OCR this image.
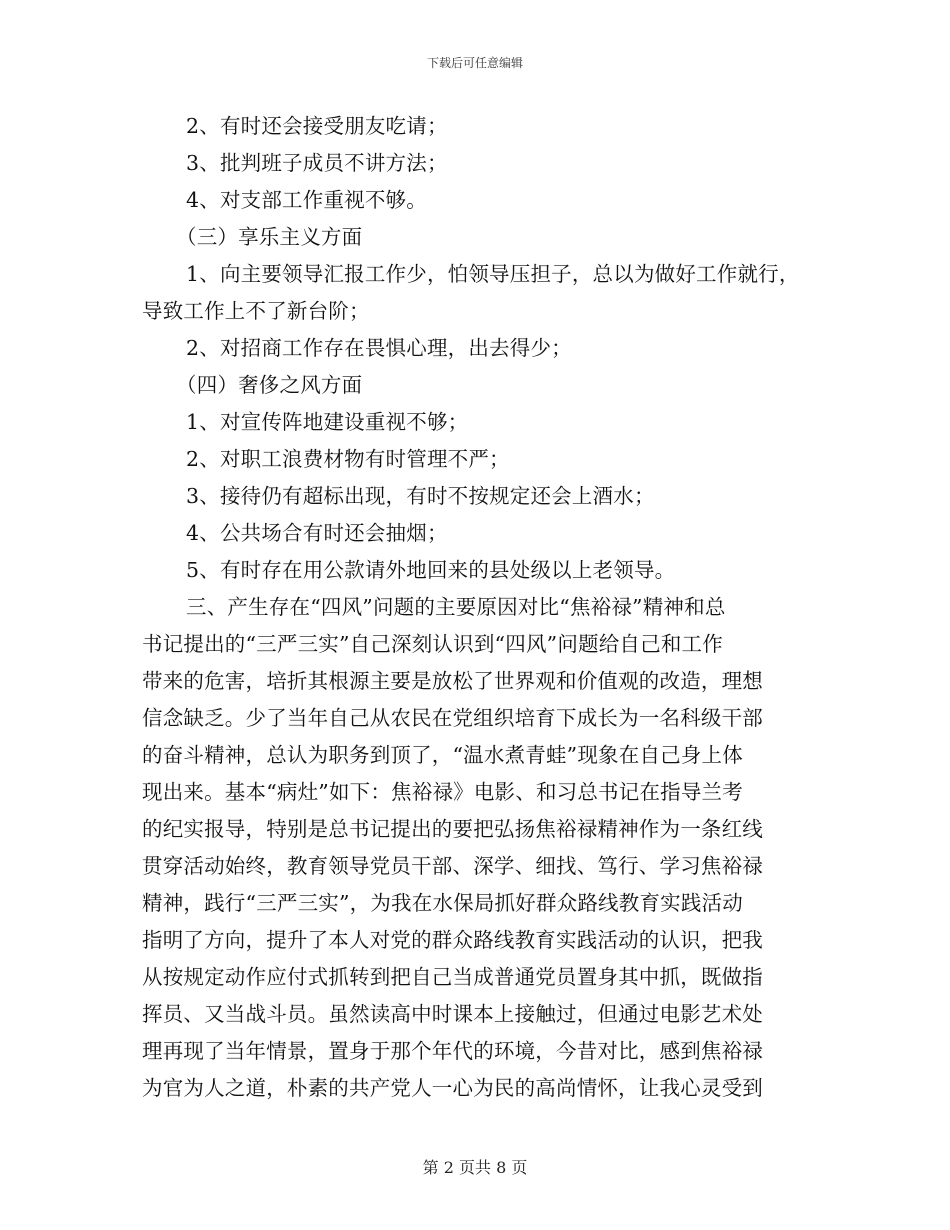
下载后可任意编辑
2、有时还会接受朋友吃请；
3、批判班子成员不讲方法；
4、对支部工作重视不够。
（三）享乐主义方面
1、向主要领导汇报工作少，怕领导压担子，总以为做好工作就行，
导致工作上不了新台阶；
2、对招商工作存在畏惧心理，出去得少；
（四）奢侈之风方面
1、对宣传阵地建设重视不够；
2、对职工浪费材物有时管理不严；
3、接待仍有超标出现，有时不按规定还会上酒水；
4、公共场合有时还会抽烟；
5、有时存在用公款请外地回来的县处级以上老领导。
三、产生存在“四风”问题的主要原因对比“焦裕禄”精神和总
书记提出的“三严三实”自己深刻认识到“四风”问题给自己和工作
带来的危害，培折其根源主要是放松了世界观和价值观的改造，理想
信念缺乏。少了当年自己从农民在党组织培育下成长为一名科级干部
的奋斗精神，总认为职务到顶了，“温水煮青蛙”现象在自己身上体
现出来。基本“病灶”如下：焦裕禄》电影、和习总书记在指导兰考
的纪实报导，特别是总书记提出的要把弘扬焦裕禄精神作为一条红线
贯穿活动始终，教育领导党员干部、深学、细找、笃行、学习焦裕禄
精神，践行“三严三实”，为我在水保局抓好群众路线教育实践活动
指明了方向，提升了本人对党的群众路线教育实践活动的认识，把我
从按规定动作应付式抓转到把自己当成普通党员置身其中抓，既做指
挥员、又当战斗员。虽然读高中时课本上接触过，但通过电影艺术处
理再现了当年情景，置身于那个年代的环境，今昔对比，感到焦裕禄
为官为人之道，朴素的共产党人一心为民的高尚情怀，让我心灵受到
第 2 页共 8 页
